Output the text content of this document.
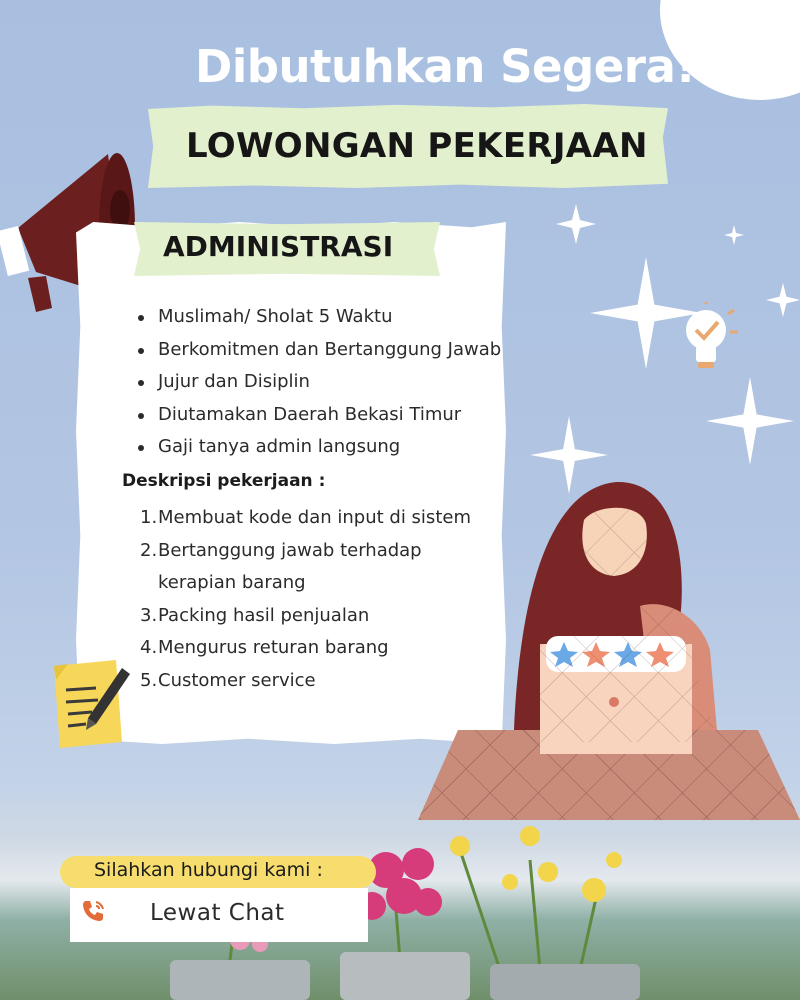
Dibutuhkan Segera!
LOWONGAN PEKERJAAN
ADMINISTRASI
Muslimah/ Sholat 5 Waktu
Berkomitmen dan Bertanggung Jawab
Jujur dan Disiplin
Diutamakan Daerah Bekasi Timur
Gaji tanya admin langsung
Deskripsi pekerjaan :
1. Membuat kode dan input di sistem
2. Bertanggung jawab terhadap kerapian barang
3. Packing hasil penjualan
4. Mengurus returan barang
5. Customer service
Silahkan hubungi kami :
Lewat Chat
